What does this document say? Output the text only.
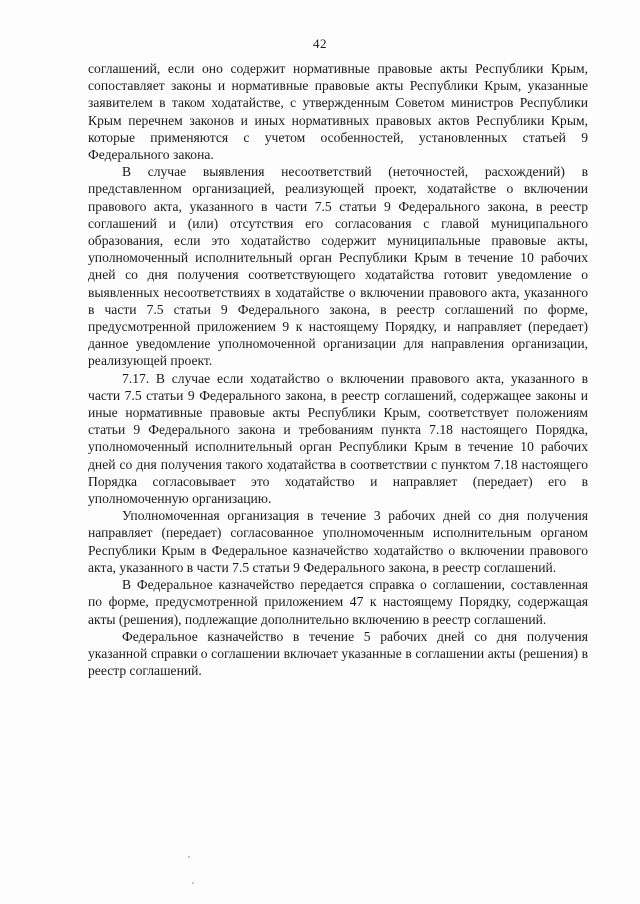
42

соглашений, если оно содержит нормативные правовые акты Республики Крым, сопоставляет законы и нормативные правовые акты Республики Крым, указанные заявителем в таком ходатайстве, с утвержденным Советом министров Республики Крым перечнем законов и иных нормативных правовых актов Республики Крым, которые применяются с учетом особенностей, установленных статьей 9 Федерального закона.

В случае выявления несоответствий (неточностей, расхождений) в представленном организацией, реализующей проект, ходатайстве о включении правового акта, указанного в части 7.5 статьи 9 Федерального закона, в реестр соглашений и (или) отсутствия его согласования с главой муниципального образования, если это ходатайство содержит муниципальные правовые акты, уполномоченный исполнительный орган Республики Крым в течение 10 рабочих дней со дня получения соответствующего ходатайства готовит уведомление о выявленных несоответствиях в ходатайстве о включении правового акта, указанного в части 7.5 статьи 9 Федерального закона, в реестр соглашений по форме, предусмотренной приложением 9 к настоящему Порядку, и направляет (передает) данное уведомление уполномоченной организации для направления организации, реализующей проект.

7.17. В случае если ходатайство о включении правового акта, указанного в части 7.5 статьи 9 Федерального закона, в реестр соглашений, содержащее законы и иные нормативные правовые акты Республики Крым, соответствует положениям статьи 9 Федерального закона и требованиям пункта 7.18 настоящего Порядка, уполномоченный исполнительный орган Республики Крым в течение 10 рабочих дней со дня получения такого ходатайства в соответствии с пунктом 7.18 настоящего Порядка согласовывает это ходатайство и направляет (передает) его в уполномоченную организацию.

Уполномоченная организация в течение 3 рабочих дней со дня получения направляет (передает) согласованное уполномоченным исполнительным органом Республики Крым в Федеральное казначейство ходатайство о включении правового акта, указанного в части 7.5 статьи 9 Федерального закона, в реестр соглашений.

В Федеральное казначейство передается справка о соглашении, составленная по форме, предусмотренной приложением 47 к настоящему Порядку, содержащая акты (решения), подлежащие дополнительно включению в реестр соглашений.

Федеральное казначейство в течение 5 рабочих дней со дня получения указанной справки о соглашении включает указанные в соглашении акты (решения) в реестр соглашений.
